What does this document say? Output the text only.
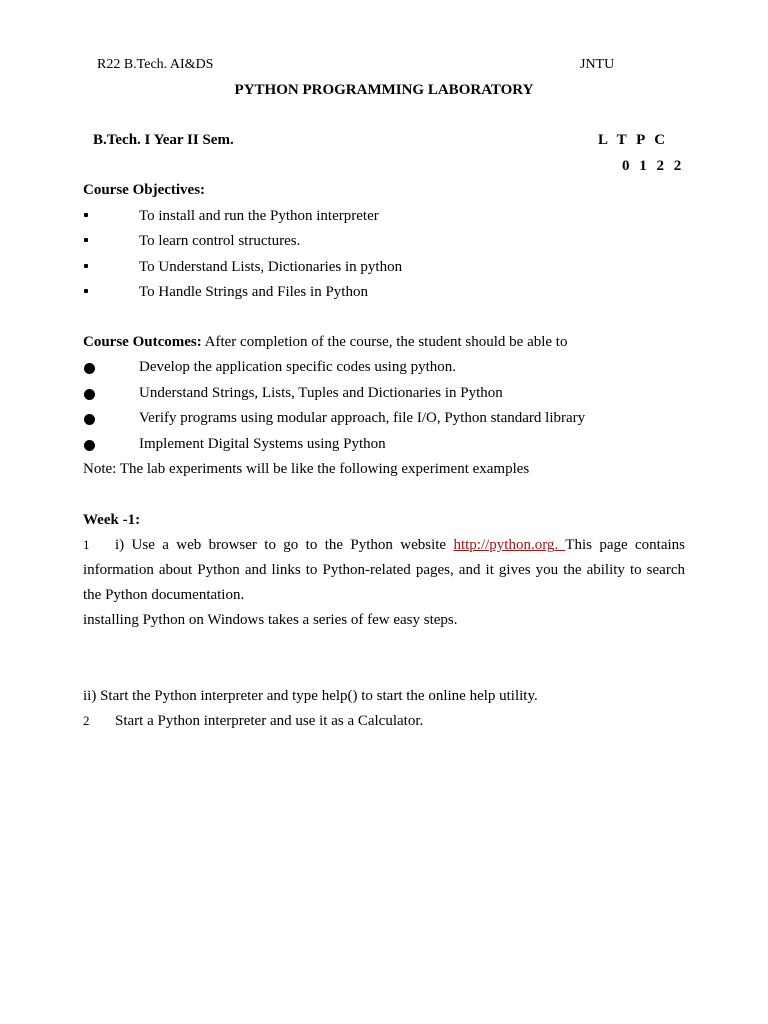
R22 B.Tech. AI&DS	JNTU
PYTHON PROGRAMMING LABORATORY
B.Tech. I Year II Sem.	L T P C
0 1 2 2
Course Objectives:
To install and run the Python interpreter
To learn control structures.
To Understand Lists, Dictionaries in python
To Handle Strings and Files in Python
Course Outcomes: After completion of the course, the student should be able to
Develop the application specific codes using python.
Understand Strings, Lists, Tuples and Dictionaries in Python
Verify programs using modular approach, file I/O, Python standard library
Implement Digital Systems using Python
Note: The lab experiments will be like the following experiment examples
Week -1:
1 i) Use a web browser to go to the Python website http://python.org. This page contains information about Python and links to Python-related pages, and it gives you the ability to search the Python documentation.
installing Python on Windows takes a series of few easy steps.
ii) Start the Python interpreter and type help() to start the online help utility.
2 Start a Python interpreter and use it as a Calculator.
